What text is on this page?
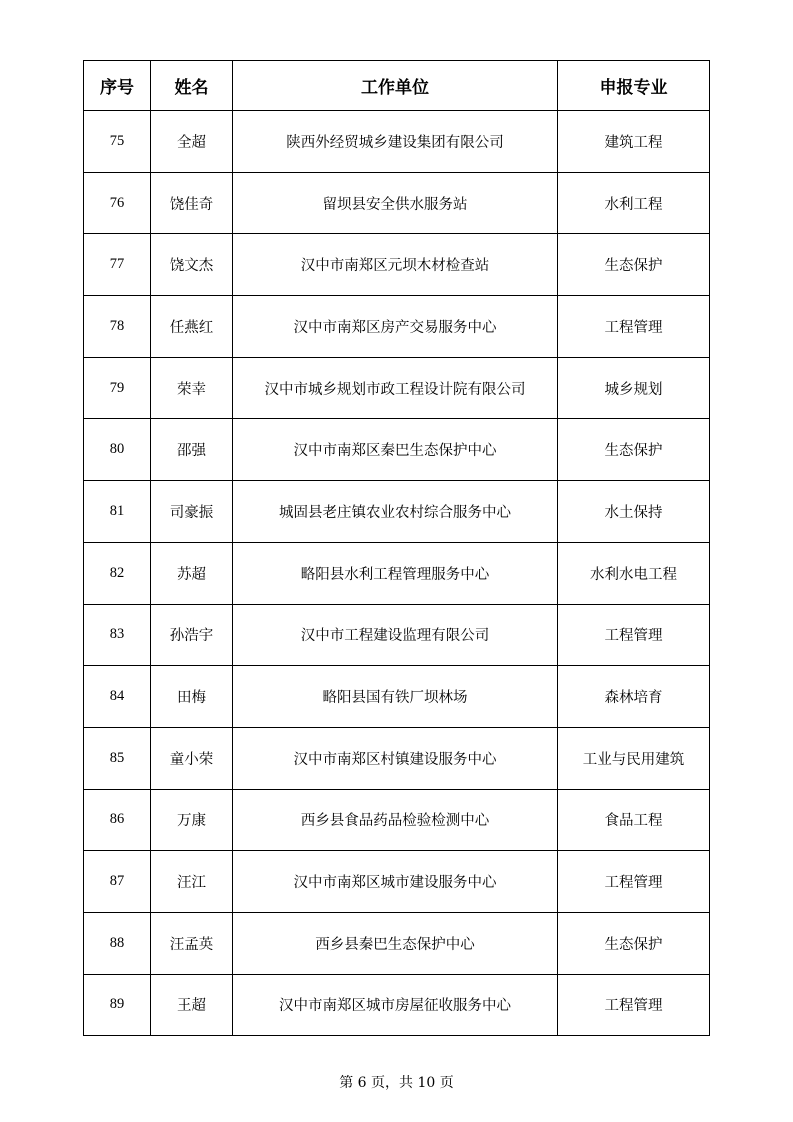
序号	姓名	工作单位	申报专业
75	全超	陕西外经贸城乡建设集团有限公司	建筑工程
76	饶佳奇	留坝县安全供水服务站	水利工程
77	饶文杰	汉中市南郑区元坝木材检查站	生态保护
78	任燕红	汉中市南郑区房产交易服务中心	工程管理
79	荣幸	汉中市城乡规划市政工程设计院有限公司	城乡规划
80	邵强	汉中市南郑区秦巴生态保护中心	生态保护
81	司豪振	城固县老庄镇农业农村综合服务中心	水土保持
82	苏超	略阳县水利工程管理服务中心	水利水电工程
83	孙浩宇	汉中市工程建设监理有限公司	工程管理
84	田梅	略阳县国有铁厂坝林场	森林培育
85	童小荣	汉中市南郑区村镇建设服务中心	工业与民用建筑
86	万康	西乡县食品药品检验检测中心	食品工程
87	汪江	汉中市南郑区城市建设服务中心	工程管理
88	汪孟英	西乡县秦巴生态保护中心	生态保护
89	王超	汉中市南郑区城市房屋征收服务中心	工程管理
第 6 页，共 10 页
